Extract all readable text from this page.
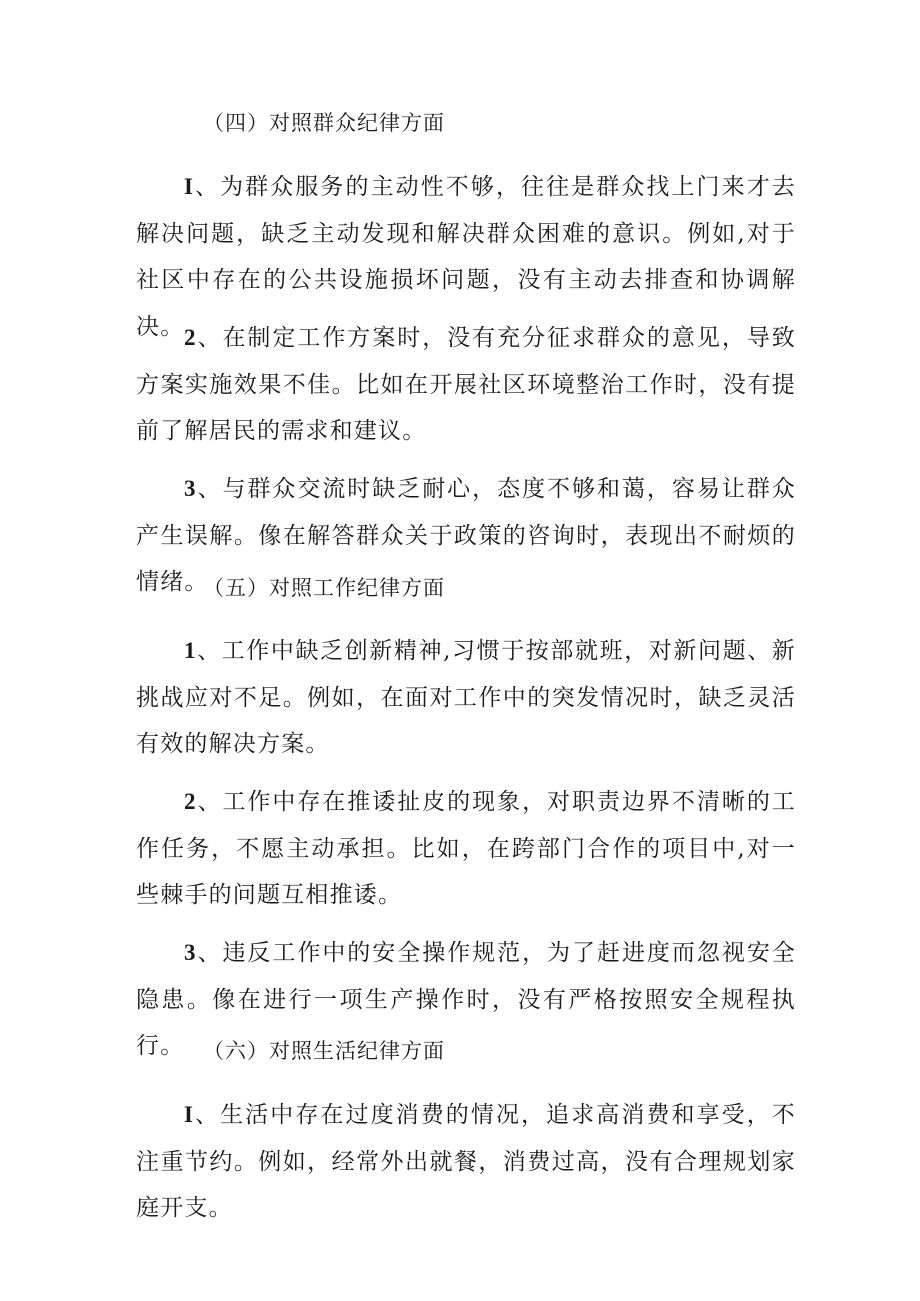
（四）对照群众纪律方面

I、为群众服务的主动性不够，往往是群众找上门来才去解决问题，缺乏主动发现和解决群众困难的意识。例如,对于社区中存在的公共设施损坏问题，没有主动去排查和协调解决。 2、在制定工作方案时，没有充分征求群众的意见，导致方案实施效果不佳。比如在开展社区环境整治工作时，没有提前了解居民的需求和建议。

3、与群众交流时缺乏耐心，态度不够和蔼，容易让群众产生误解。像在解答群众关于政策的咨询时，表现出不耐烦的情绪。

（五）对照工作纪律方面

1、工作中缺乏创新精神,习惯于按部就班，对新问题、新挑战应对不足。例如，在面对工作中的突发情况时，缺乏灵活有效的解决方案。

2、工作中存在推诿扯皮的现象，对职责边界不清晰的工作任务，不愿主动承担。比如，在跨部门合作的项目中,对一些棘手的问题互相推诿。

3、违反工作中的安全操作规范，为了赶进度而忽视安全隐患。像在进行一项生产操作时，没有严格按照安全规程执行。 （六）对照生活纪律方面

I、生活中存在过度消费的情况，追求高消费和享受，不注重节约。例如，经常外出就餐，消费过高，没有合理规划家庭开支。
